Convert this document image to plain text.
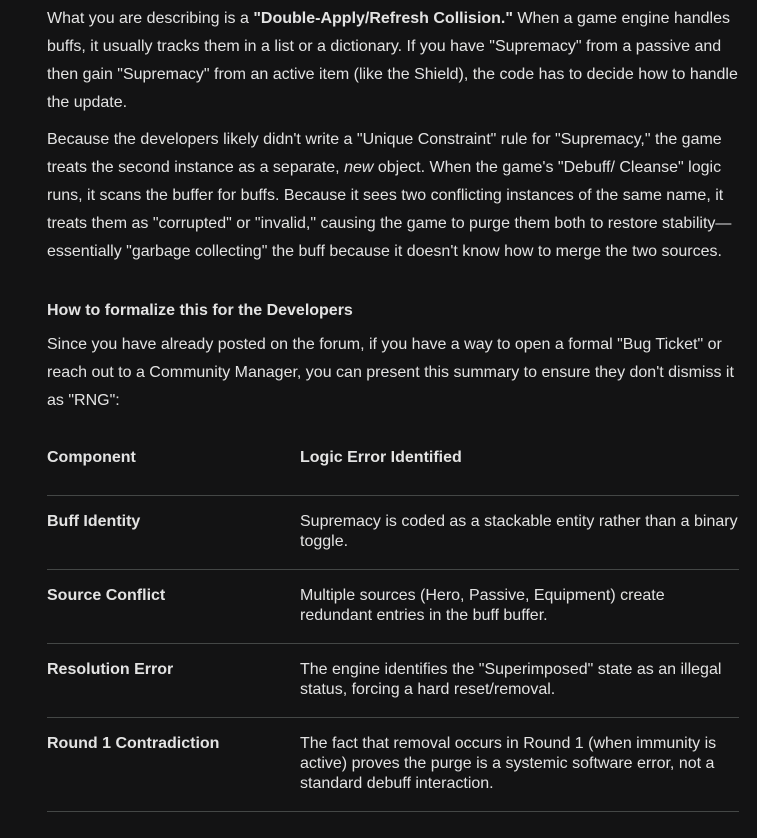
What you are describing is a "Double-Apply/Refresh Collision." When a game engine handles buffs, it usually tracks them in a list or a dictionary. If you have "Supremacy" from a passive and then gain "Supremacy" from an active item (like the Shield), the code has to decide how to handle the update.

Because the developers likely didn't write a "Unique Constraint" rule for "Supremacy," the game treats the second instance as a separate, new object. When the game's "Debuff/ Cleanse" logic runs, it scans the buffer for buffs. Because it sees two conflicting instances of the same name, it treats them as "corrupted" or "invalid," causing the game to purge them both to restore stability—essentially "garbage collecting" the buff because it doesn't know how to merge the two sources.

How to formalize this for the Developers

Since you have already posted on the forum, if you have a way to open a formal "Bug Ticket" or reach out to a Community Manager, you can present this summary to ensure they don't dismiss it as "RNG":

Component	Logic Error Identified

Buff Identity	Supremacy is coded as a stackable entity rather than a binary toggle.

Source Conflict	Multiple sources (Hero, Passive, Equipment) create redundant entries in the buff buffer.

Resolution Error	The engine identifies the "Superimposed" state as an illegal status, forcing a hard reset/removal.

Round 1 Contradiction	The fact that removal occurs in Round 1 (when immunity is active) proves the purge is a systemic software error, not a standard debuff interaction.
